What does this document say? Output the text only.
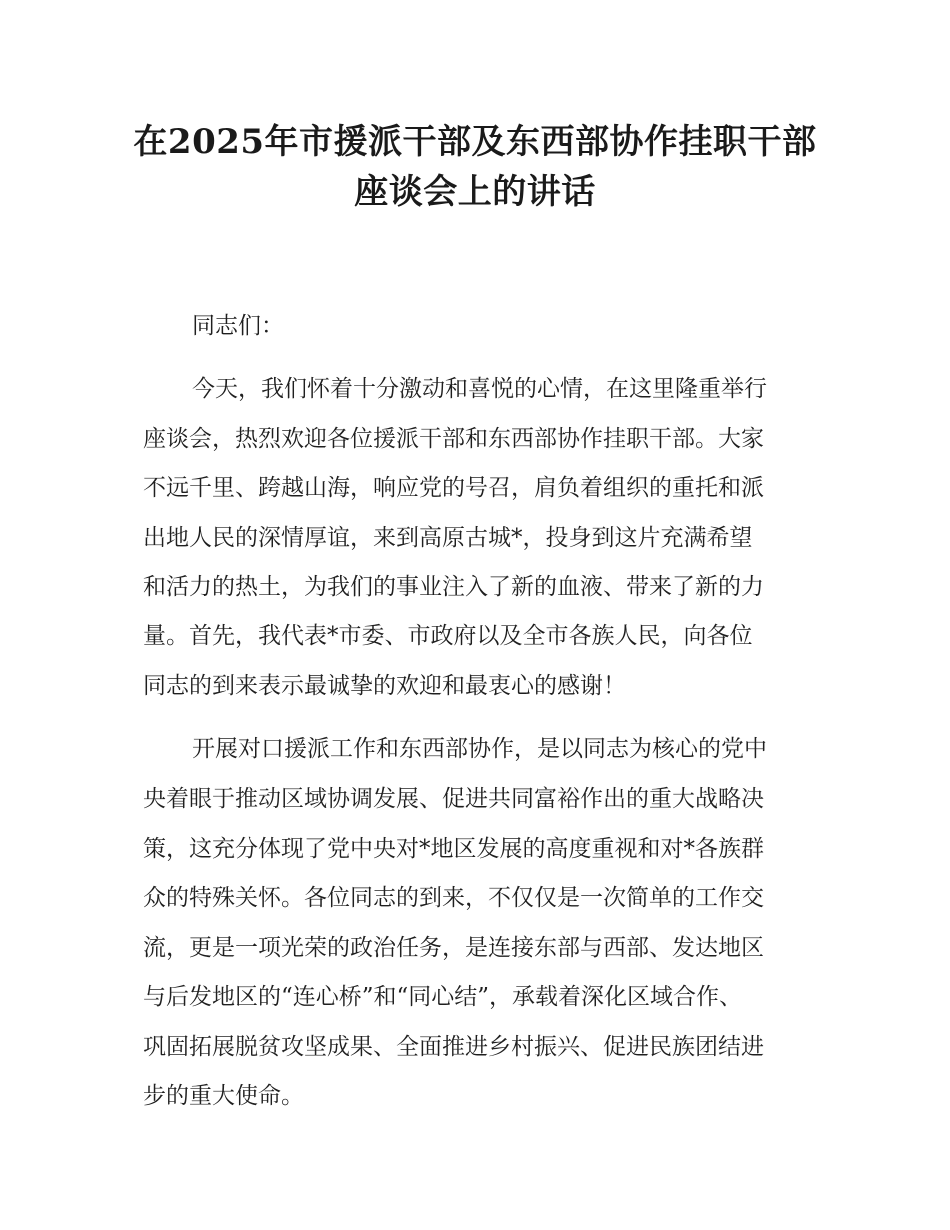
在2025年市援派干部及东西部协作挂职干部
座谈会上的讲话
同志们：
今天，我们怀着十分激动和喜悦的心情，在这里隆重举行
座谈会，热烈欢迎各位援派干部和东西部协作挂职干部。大家
不远千里、跨越山海，响应党的号召，肩负着组织的重托和派
出地人民的深情厚谊，来到高原古城*，投身到这片充满希望
和活力的热土，为我们的事业注入了新的血液、带来了新的力
量。首先，我代表*市委、市政府以及全市各族人民，向各位
同志的到来表示最诚挚的欢迎和最衷心的感谢！
开展对口援派工作和东西部协作，是以同志为核心的党中
央着眼于推动区域协调发展、促进共同富裕作出的重大战略决
策，这充分体现了党中央对*地区发展的高度重视和对*各族群
众的特殊关怀。各位同志的到来，不仅仅是一次简单的工作交
流，更是一项光荣的政治任务，是连接东部与西部、发达地区
与后发地区的“连心桥”和“同心结”，承载着深化区域合作、
巩固拓展脱贫攻坚成果、全面推进乡村振兴、促进民族团结进
步的重大使命。
